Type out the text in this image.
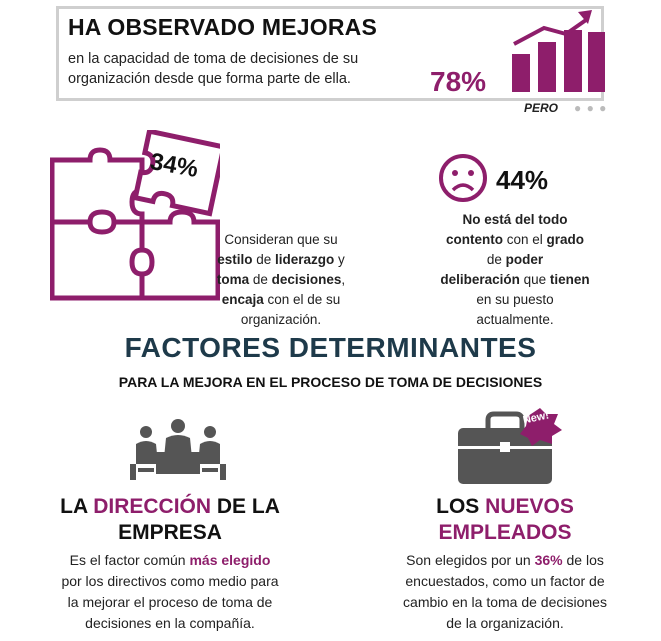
HA OBSERVADO MEJORAS
en la capacidad de toma de decisiones de su organización desde que forma parte de ella.	78%
PERO ● ● ●
34%
Consideran que su
estilo de liderazgo y
toma de decisiones,
encaja con el de su
organización.
44%
No está del todo
contento con el grado
de poder
deliberación que tienen
en su puesto
actualmente.
FACTORES DETERMINANTES
PARA LA MEJORA EN EL PROCESO DE TOMA DE DECISIONES
LA DIRECCIÓN DE LA
EMPRESA
Es el factor común más elegido
por los directivos como medio para
la mejorar el proceso de toma de
decisiones en la compañía.
New!
LOS NUEVOS
EMPLEADOS
Son elegidos por un 36% de los
encuestados, como un factor de
cambio en la toma de decisiones
de la organización.
